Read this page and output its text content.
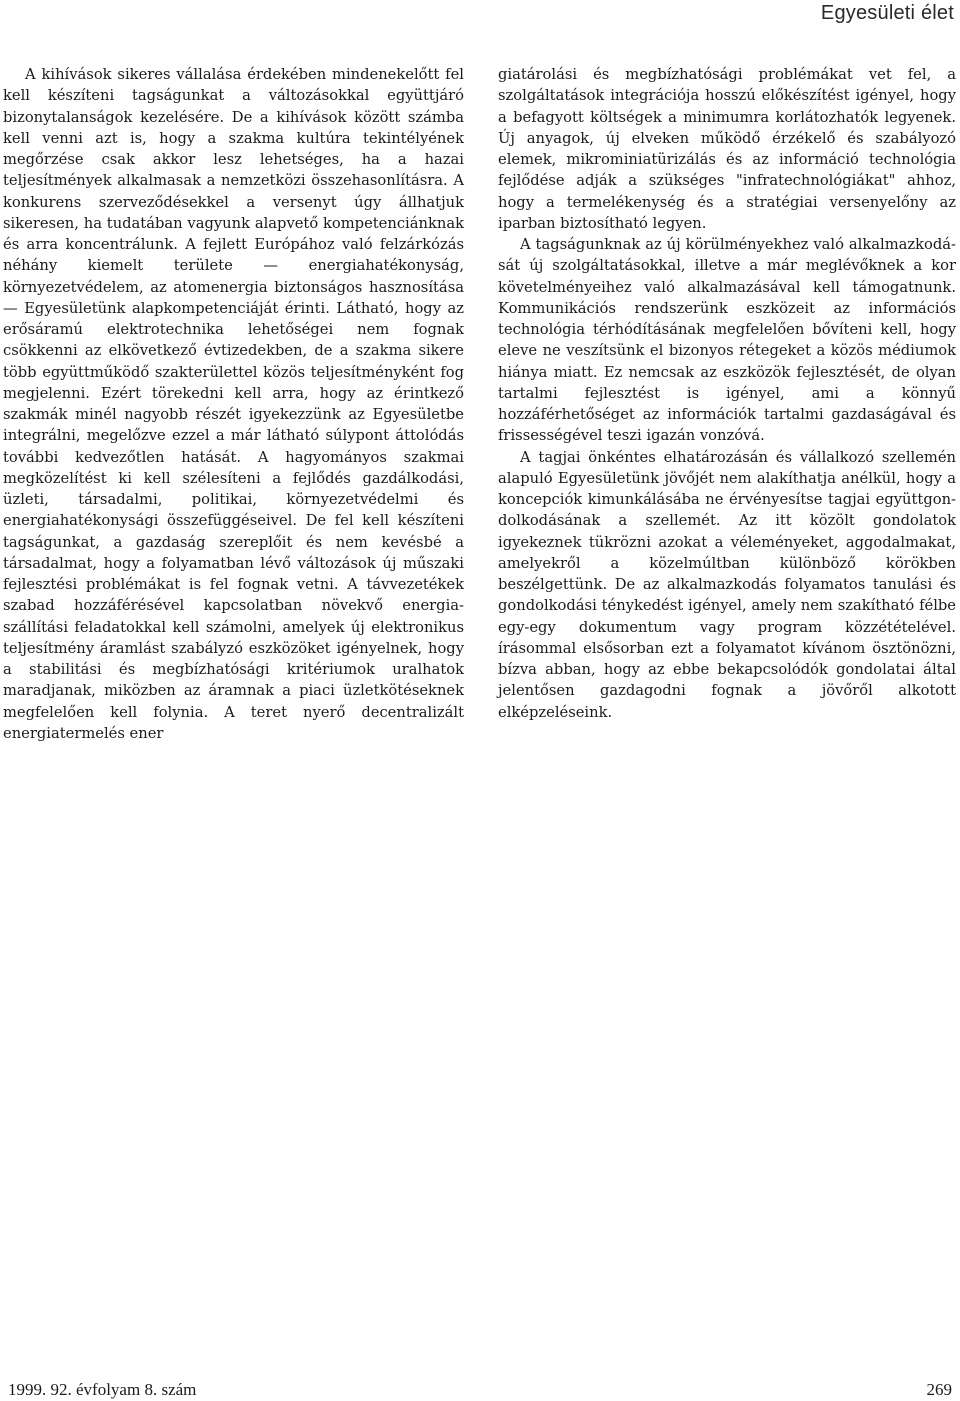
Egyesületi élet

A kihívások sikeres vállalása érdekében mindenekelőtt fel kell készíteni tagságunkat a változásokkal együttjáró bizonytalanságok kezelésére. De a kihívások között számba kell venni azt is, hogy a szakma kultúra tekintélyének megőrzése csak akkor lesz lehetséges, ha a hazai teljesítmények alkalmasak a nemzetközi összehasonlításra. A konkurens szerveződésekkel a versenyt úgy állhatjuk sikeresen, ha tudatában vagyunk alapvető kompetenciánknak és arra koncentrálunk. A fejlett Európához való felzárkózás néhány kiemelt területe — energiahatékonyság, környezetvédelem, az atomenergia biztonságos hasznosítása — Egyesületünk alapkompetenciáját érinti. Látható, hogy az erősáramú elektrotechnika lehetőségei nem fognak csökkenni az elkövetkező évtizedekben, de a szakma sikere több együttműködő szakterülettel közös teljesítményként fog megjelenni. Ezért törekedni kell arra, hogy az érintkező szakmák minél nagyobb részét igyekezzünk az Egyesületbe integrálni, megelőzve ezzel a már látható súlypont áttolódás további kedvezőtlen hatását. A hagyományos szakmai megközelítést ki kell szélesíteni a fejlődés gazdálkodási, üzleti, társadalmi, politikai, környezetvédelmi és energiahatékonysági összefüggéseivel. De fel kell készíteni tagságunkat, a gazdaság szereplőit és nem kevésbé a társadalmat, hogy a folyamatban lévő változások új műszaki fejlesztési problémákat is fel fognak vetni. A távvezetékek szabad hozzáférésével kapcsolatban növekvő energiaszállítási feladatokkal kell számolni, amelyek új elektronikus teljesítmény áramlást szabályzó eszközöket igényelnek, hogy a stabilitási és megbízhatósági kritériumok uralhatok maradjanak, miközben az áramnak a piaci üzletkötéseknek megfelelően kell folynia. A teret nyerő decentralizált energiatermelés ener

giatárolási és megbízhatósági problémákat vet fel, a szolgáltatások integrációja hosszú előkészítést igényel, hogy a befagyott költségek a minimumra korlátozhatók legyenek. Új anyagok, új elveken működő érzékelő és szabályozó elemek, mikrominiatürizálás és az információ technológia fejlődése adják a szükséges "infratechnológiákat" ahhoz, hogy a termelékenység és a stratégiai versenyelőny az iparban biztosítható legyen.

A tagságunknak az új körülményekhez való alkalmazkodását új szolgáltatásokkal, illetve a már meglévőknek a kor követelményeihez való alkalmazásával kell támogatnunk. Kommunikációs rendszerünk eszközeit az információs technológia térhódításának megfelelően bővíteni kell, hogy eleve ne veszítsünk el bizonyos rétegeket a közös médiumok hiánya miatt. Ez nemcsak az eszközök fejlesztését, de olyan tartalmi fejlesztést is igényel, ami a könnyű hozzáférhetőséget az információk tartalmi gazdaságával és frissességével teszi igazán vonzóvá.

A tagjai önkéntes elhatározásán és vállalkozó szellemén alapuló Egyesületünk jövőjét nem alakíthatja anélkül, hogy a koncepciók kimunkálásába ne érvényesítse tagjai együttgondolkodásának a szellemét. Az itt közölt gondolatok igyekeznek tükrözni azokat a véleményeket, aggodalmakat, amelyekről a közelmúltban különböző körökben beszélgettünk. De az alkalmazkodás folyamatos tanulási és gondolkodási ténykedést igényel, amely nem szakítható félbe egy-egy dokumentum vagy program közzétételével. írásommal elsősorban ezt a folyamatot kívánom ösztönözni, bízva abban, hogy az ebbe bekapcsolódók gondolatai által jelentősen gazdagodni fognak a jövőről alkotott elképzeléseink.

1999. 92. évfolyam 8. szám	269
